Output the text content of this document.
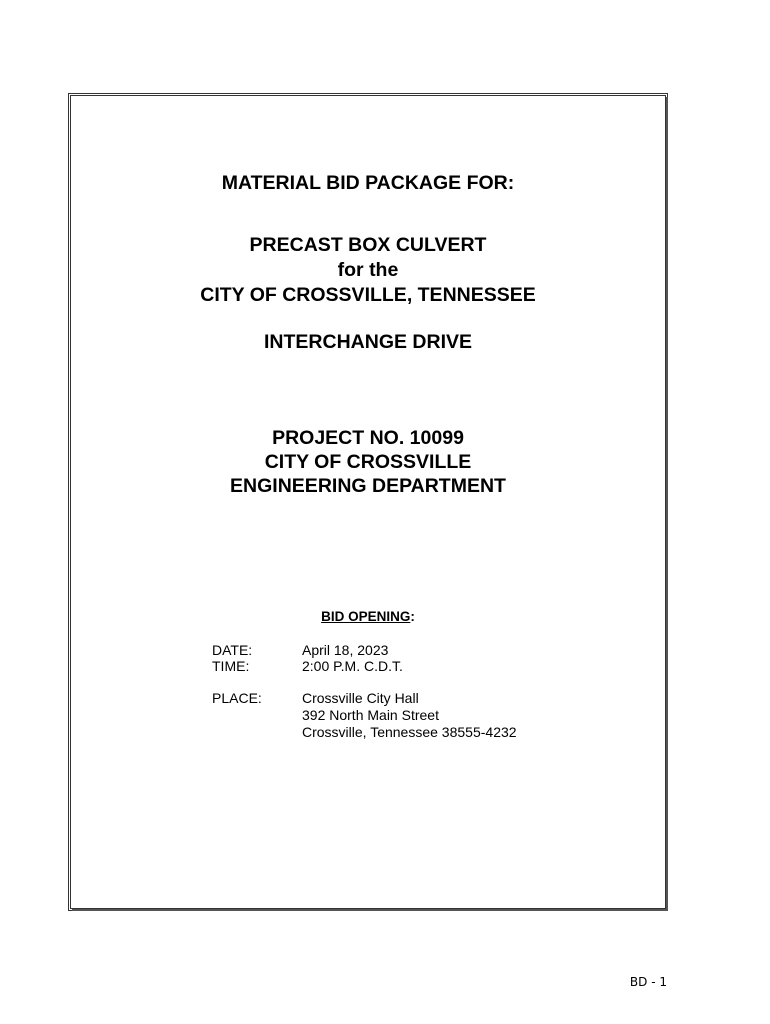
MATERIAL BID PACKAGE FOR:
PRECAST BOX CULVERT
for the
CITY OF CROSSVILLE, TENNESSEE
INTERCHANGE DRIVE
PROJECT NO. 10099
CITY OF CROSSVILLE
ENGINEERING DEPARTMENT
BID OPENING:
DATE:	April 18, 2023
TIME:	2:00 P.M. C.D.T.
PLACE:	Crossville City Hall
392 North Main Street
Crossville, Tennessee 38555-4232
BD - 1
